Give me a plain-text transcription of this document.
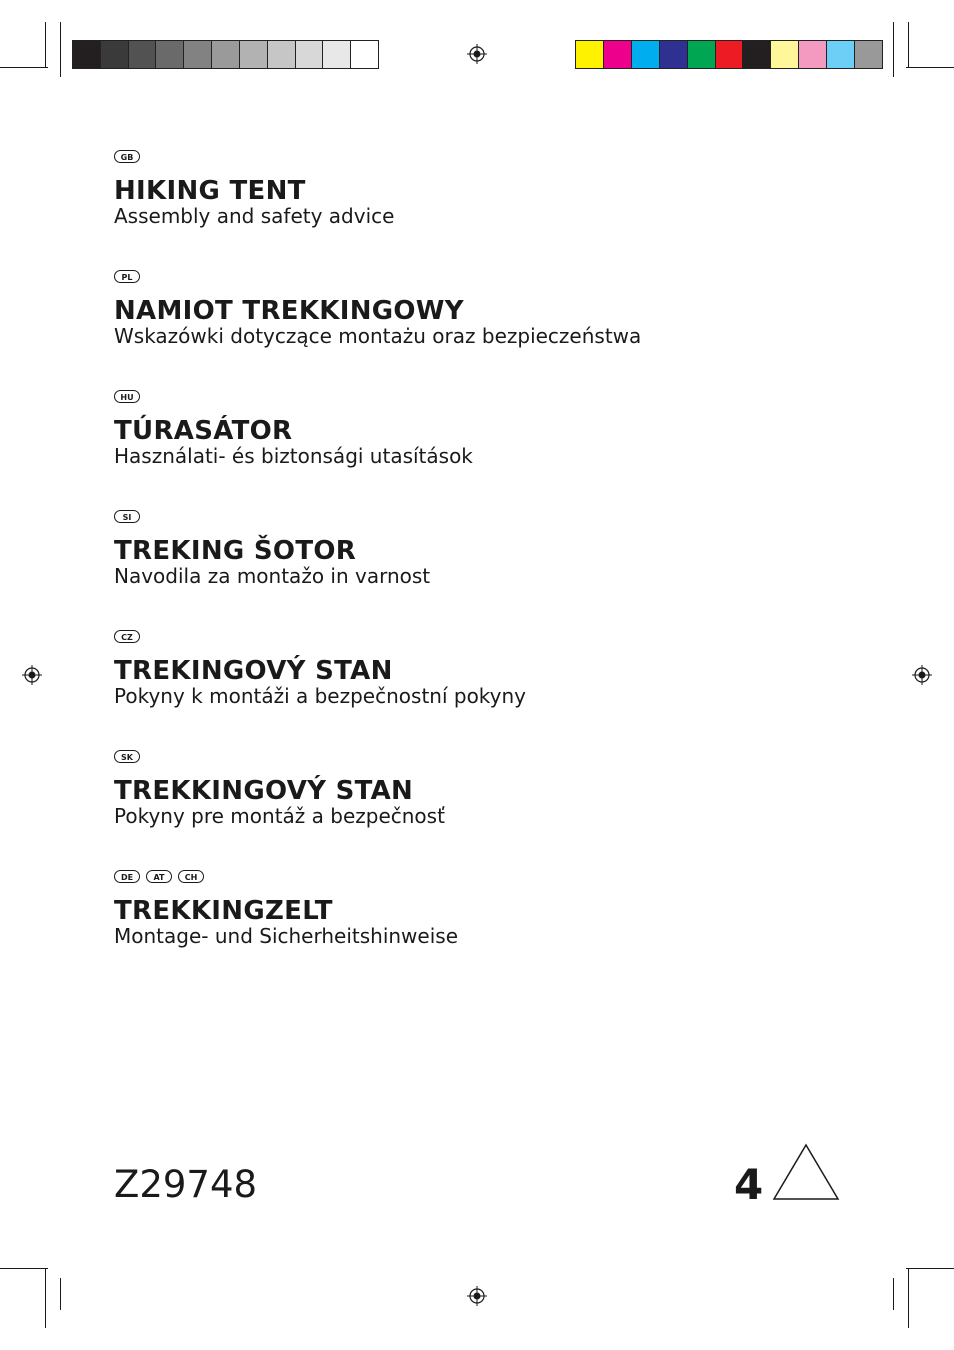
GB
HIKING TENT
Assembly and safety advice
PL
NAMIOT TREKKINGOWY
Wskazówki dotyczące montażu oraz bezpieczeństwa
HU
TÚRASÁTOR
Használati- és biztonsági utasítások
SI
TREKING ŠOTOR
Navodila za montažo in varnost
CZ
TREKINGOVÝ STAN
Pokyny k montáži a bezpečnostní pokyny
SK
TREKKINGOVÝ STAN
Pokyny pre montáž a bezpečnosť
DE	AT	CH
TREKKINGZELT
Montage- und Sicherheitshinweise
Z29748	4
